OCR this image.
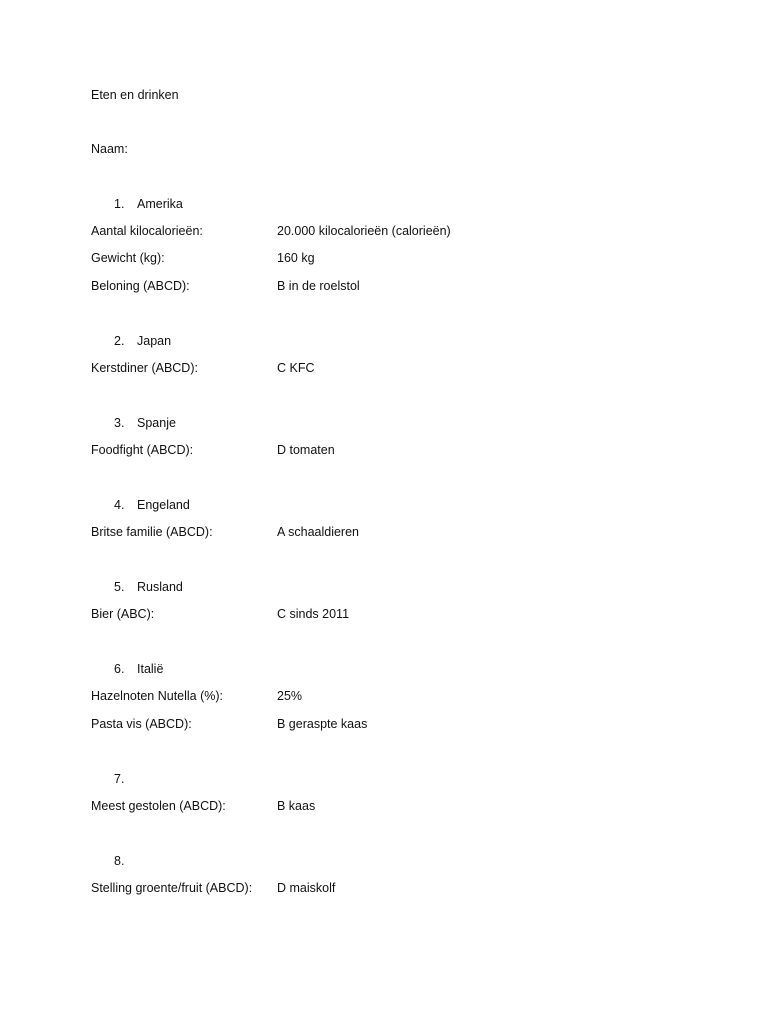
Eten en drinken
Naam:
1. Amerika
Aantal kilocalorieën:	20.000 kilocalorieën (calorieën)
Gewicht (kg):	160 kg
Beloning (ABCD):	B in de roelstol
2. Japan
Kerstdiner (ABCD):	C KFC
3. Spanje
Foodfight (ABCD):	D tomaten
4. Engeland
Britse familie (ABCD):	A schaaldieren
5. Rusland
Bier (ABC):	C sinds 2011
6. Italië
Hazelnoten Nutella (%):	25%
Pasta vis (ABCD):	B geraspte kaas
7.
Meest gestolen (ABCD):	B kaas
8.
Stelling groente/fruit (ABCD): D maiskolf
